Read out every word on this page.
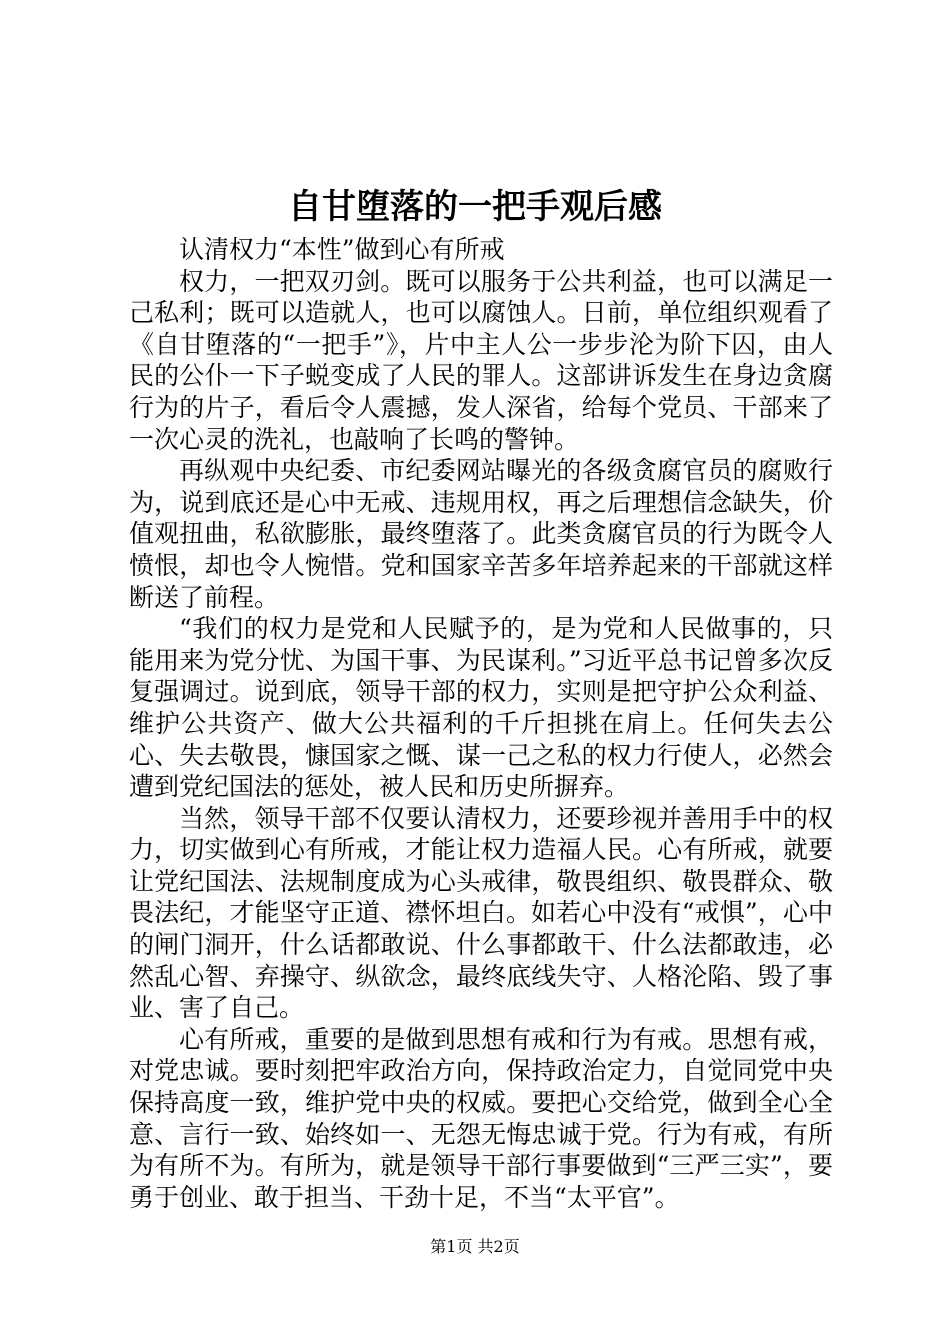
自甘堕落的一把手观后感

认清权力“本性”做到心有所戒

权力，一把双刃剑。既可以服务于公共利益，也可以满足一己私利；既可以造就人，也可以腐蚀人。日前，单位组织观看了《自甘堕落的“一把手”》，片中主人公一步步沦为阶下囚，由人民的公仆一下子蜕变成了人民的罪人。这部讲诉发生在身边贪腐行为的片子，看后令人震撼，发人深省，给每个党员、干部来了一次心灵的洗礼，也敲响了长鸣的警钟。

再纵观中央纪委、市纪委网站曝光的各级贪腐官员的腐败行为，说到底还是心中无戒、违规用权，再之后理想信念缺失，价值观扭曲，私欲膨胀，最终堕落了。此类贪腐官员的行为既令人愤恨，却也令人惋惜。党和国家辛苦多年培养起来的干部就这样断送了前程。

“我们的权力是党和人民赋予的，是为党和人民做事的，只能用来为党分忧、为国干事、为民谋利。”习近平总书记曾多次反复强调过。说到底，领导干部的权力，实则是把守护公众利益、维护公共资产、做大公共福利的千斤担挑在肩上。任何失去公心、失去敬畏，慷国家之慨、谋一己之私的权力行使人，必然会遭到党纪国法的惩处，被人民和历史所摒弃。

当然，领导干部不仅要认清权力，还要珍视并善用手中的权力，切实做到心有所戒，才能让权力造福人民。心有所戒，就要让党纪国法、法规制度成为心头戒律，敬畏组织、敬畏群众、敬畏法纪，才能坚守正道、襟怀坦白。如若心中没有“戒惧”，心中的闸门洞开，什么话都敢说、什么事都敢干、什么法都敢违，必然乱心智、弃操守、纵欲念，最终底线失守、人格沦陷、毁了事业、害了自己。

心有所戒，重要的是做到思想有戒和行为有戒。思想有戒，对党忠诚。要时刻把牢政治方向，保持政治定力，自觉同党中央保持高度一致，维护党中央的权威。要把心交给党，做到全心全意、言行一致、始终如一、无怨无悔忠诚于党。行为有戒，有所为有所不为。有所为，就是领导干部行事要做到“三严三实”，要勇于创业、敢于担当、干劲十足，不当“太平官”。

第1页 共2页
